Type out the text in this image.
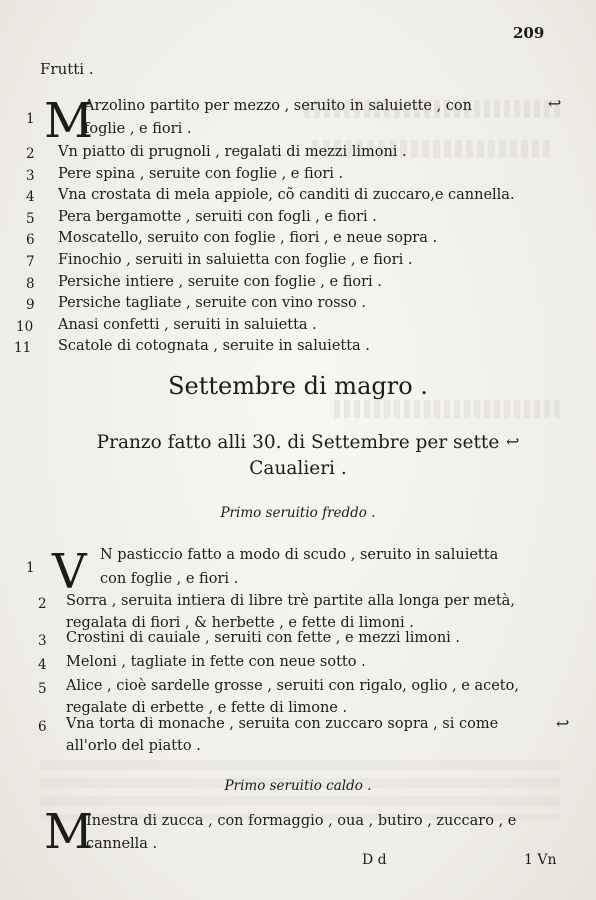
209
Frutti .
1 M
Arzolino partito per mezzo , seruito in saluiette , con	↩
foglie , e fiori .
2 Vn piatto di prugnoli , regalati di mezzi limoni .
3 Pere spina , seruite con foglie , e fiori .
4 Vna crostata di mela appiole, cõ canditi di zuccaro,e cannella.
5 Pera bergamotte , seruiti con fogli , e fiori .
6 Moscatello, seruito con foglie , fiori , e neue sopra .
7 Finochio , seruiti in saluietta con foglie , e fiori .
8 Persiche intiere , seruite con foglie , e fiori .
9 Persiche tagliate , seruite con vino rosso .
10 Anasi confetti , seruiti in saluietta .
11 Scatole di cotognata , seruite in saluietta .
Settembre di magro .
Pranzo fatto alli 30. di Settembre per sette ↩
Caualieri .
Primo seruitio freddo .
1 V N pasticcio fatto a modo di scudo , seruito in saluietta
con foglie , e fiori .
2 Sorra , seruita intiera di libre trè partite alla longa per metà,
regalata di fiori , & herbette , e fette di limoni .
3 Crostini di cauiale , seruiti con fette , e mezzi limoni .
4 Meloni , tagliate in fette con neue sotto .
5 Alice , cioè sardelle grosse , seruiti con rigalo, oglio , e aceto,
regalate di erbette , e fette di limone .
6 Vna torta di monache , seruita con zuccaro sopra , si come
all'orlo del piatto .
↩
Primo seruitio caldo .
M
Inestra di zucca , con formaggio , oua , butiro , zuccaro , e
cannella .
D d	1 Vn
